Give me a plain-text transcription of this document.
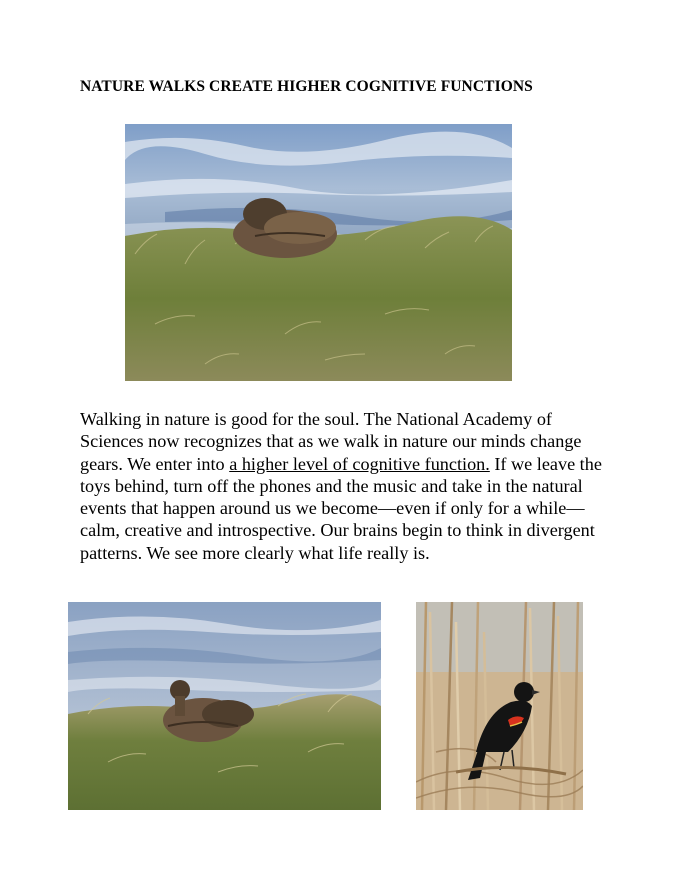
NATURE WALKS CREATE HIGHER COGNITIVE FUNCTIONS
Walking in nature is good for the soul. The National Academy of Sciences now recognizes that as we walk in nature our minds change gears. We enter into a higher level of cognitive function. If we leave the toys behind, turn off the phones and the music and take in the natural events that happen around us we become—even if only for a while—calm, creative and introspective. Our brains begin to think in divergent patterns. We see more clearly what life really is.
